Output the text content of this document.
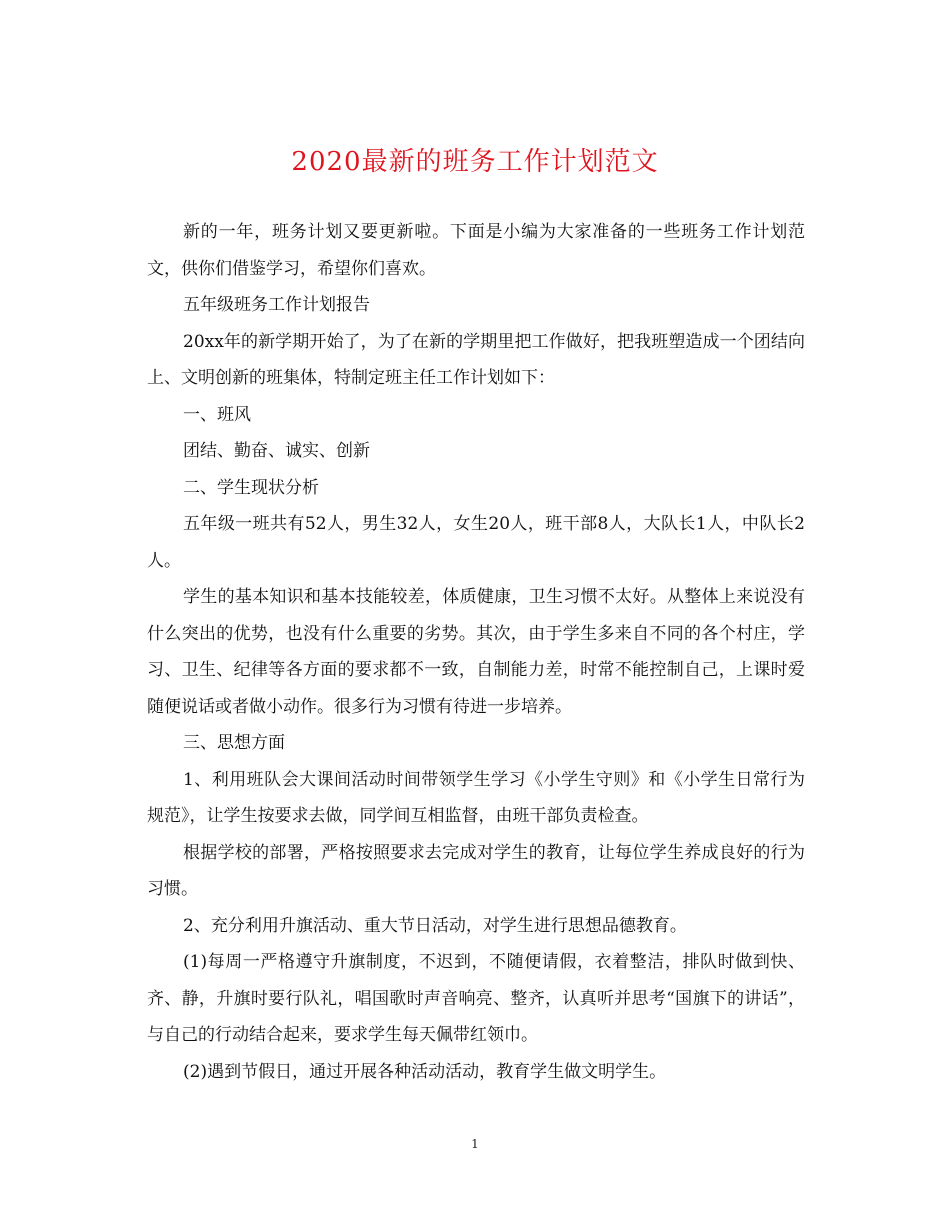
2020最新的班务工作计划范文

新的一年，班务计划又要更新啦。下面是小编为大家准备的一些班务工作计划范文，供你们借鉴学习，希望你们喜欢。

五年级班务工作计划报告

20xx年的新学期开始了，为了在新的学期里把工作做好，把我班塑造成一个团结向上、文明创新的班集体，特制定班主任工作计划如下：

一、班风

团结、勤奋、诚实、创新

二、学生现状分析

五年级一班共有52人，男生32人，女生20人，班干部8人，大队长1人，中队长2人。

学生的基本知识和基本技能较差，体质健康，卫生习惯不太好。从整体上来说没有什么突出的优势，也没有什么重要的劣势。其次，由于学生多来自不同的各个村庄，学习、卫生、纪律等各方面的要求都不一致，自制能力差，时常不能控制自己，上课时爱随便说话或者做小动作。很多行为习惯有待进一步培养。

三、思想方面

1、利用班队会大课间活动时间带领学生学习《小学生守则》和《小学生日常行为规范》，让学生按要求去做，同学间互相监督，由班干部负责检查。

根据学校的部署，严格按照要求去完成对学生的教育，让每位学生养成良好的行为习惯。

2、充分利用升旗活动、重大节日活动，对学生进行思想品德教育。

(1)每周一严格遵守升旗制度，不迟到，不随便请假，衣着整洁，排队时做到快、齐、静，升旗时要行队礼，唱国歌时声音响亮、整齐，认真听并思考“国旗下的讲话”，与自己的行动结合起来，要求学生每天佩带红领巾。

(2)遇到节假日，通过开展各种活动活动，教育学生做文明学生。

1
